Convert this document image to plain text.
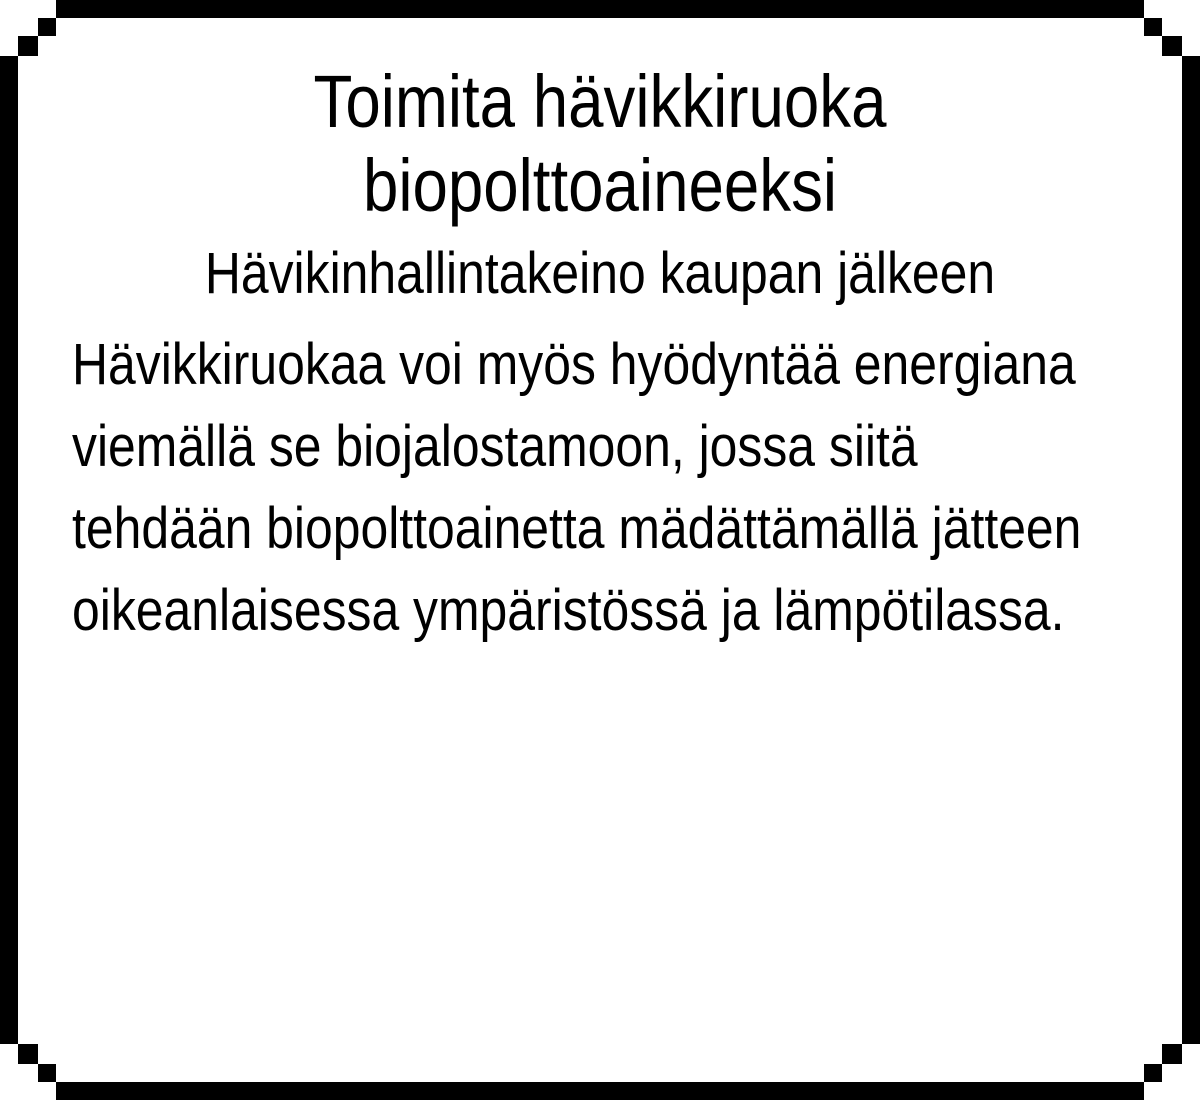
Toimita hävikkiruoka biopolttoaineeksi
Hävikinhallintakeino kaupan jälkeen

Hävikkiruokaa voi myös hyödyntää energiana viemällä se biojalostamoon, jossa siitä tehdään biopolttoainetta mädättämällä jätteen oikeanlaisessa ympäristössä ja lämpötilassa.
